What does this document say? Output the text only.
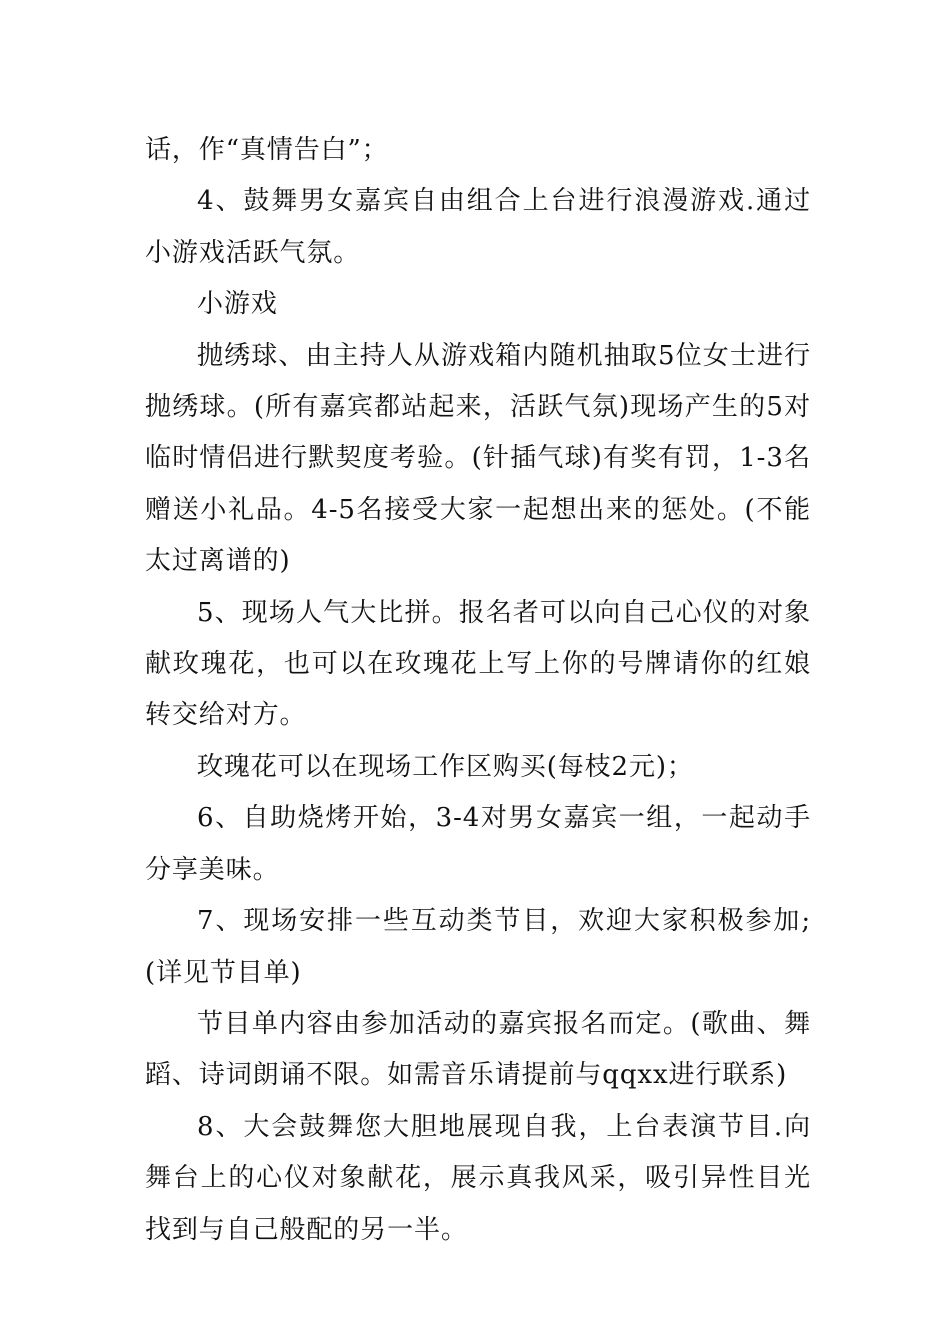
话，作“真情告白”；

4、鼓舞男女嘉宾自由组合上台进行浪漫游戏.通过小游戏活跃气氛。

小游戏

抛绣球、由主持人从游戏箱内随机抽取5位女士进行抛绣球。(所有嘉宾都站起来，活跃气氛)现场产生的5对临时情侣进行默契度考验。(针插气球)有奖有罚，1-3名赠送小礼品。4-5名接受大家一起想出来的惩处。(不能太过离谱的)

5、现场人气大比拼。报名者可以向自己心仪的对象献玫瑰花，也可以在玫瑰花上写上你的号牌请你的红娘转交给对方。

玫瑰花可以在现场工作区购买(每枝2元)；

6、自助烧烤开始，3-4对男女嘉宾一组，一起动手分享美味。

7、现场安排一些互动类节目，欢迎大家积极参加;(详见节目单)

节目单内容由参加活动的嘉宾报名而定。(歌曲、舞蹈、诗词朗诵不限。如需音乐请提前与qqxx进行联系)

8、大会鼓舞您大胆地展现自我，上台表演节目.向舞台上的心仪对象献花，展示真我风采，吸引异性目光找到与自己般配的另一半。
